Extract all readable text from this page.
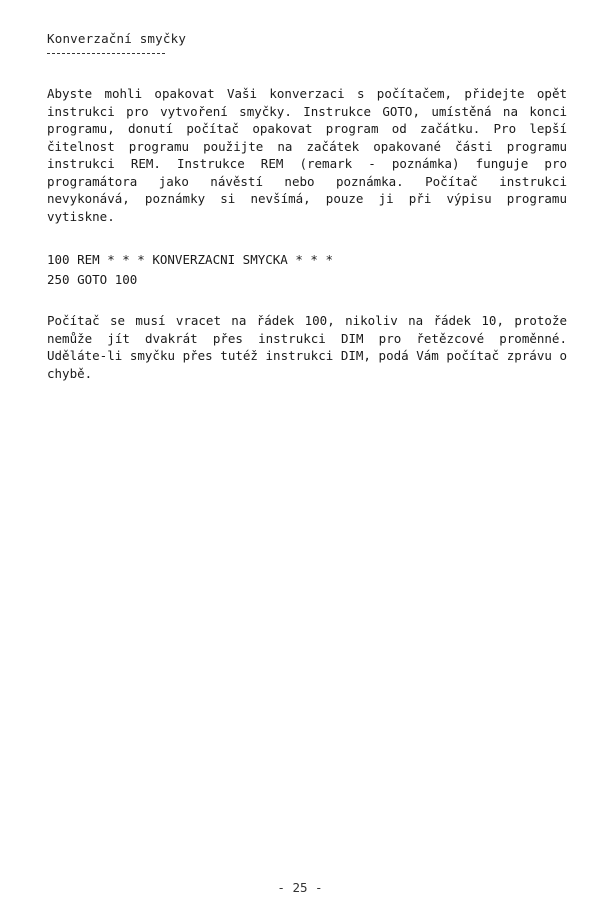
Konverzační smyčky
Abyste mohli opakovat Vaši konverzaci s počítačem, přidejte opět instrukci pro vytvoření smyčky. Instrukce GOTO, umístěná na konci programu, donutí počítač opakovat program od začátku. Pro lepší čitelnost programu použijte na začátek opakované části programu instrukci REM. Instrukce REM (remark - poznámka) funguje pro programátora jako návěstí nebo poznámka. Počítač instrukci nevykonává, poznámky si nevšímá, pouze ji při výpisu programu vytiskne.
100 REM * * * KONVERZACNI SMYCKA * * *
250 GOTO 100
Počítač se musí vracet na řádek 100, nikoliv na řádek 10, protože nemůže jít dvakrát přes instrukci DIM pro řetězcové proměnné. Uděláte-li smyčku přes tutéž instrukci DIM, podá Vám počítač zprávu o chybě.
- 25 -
